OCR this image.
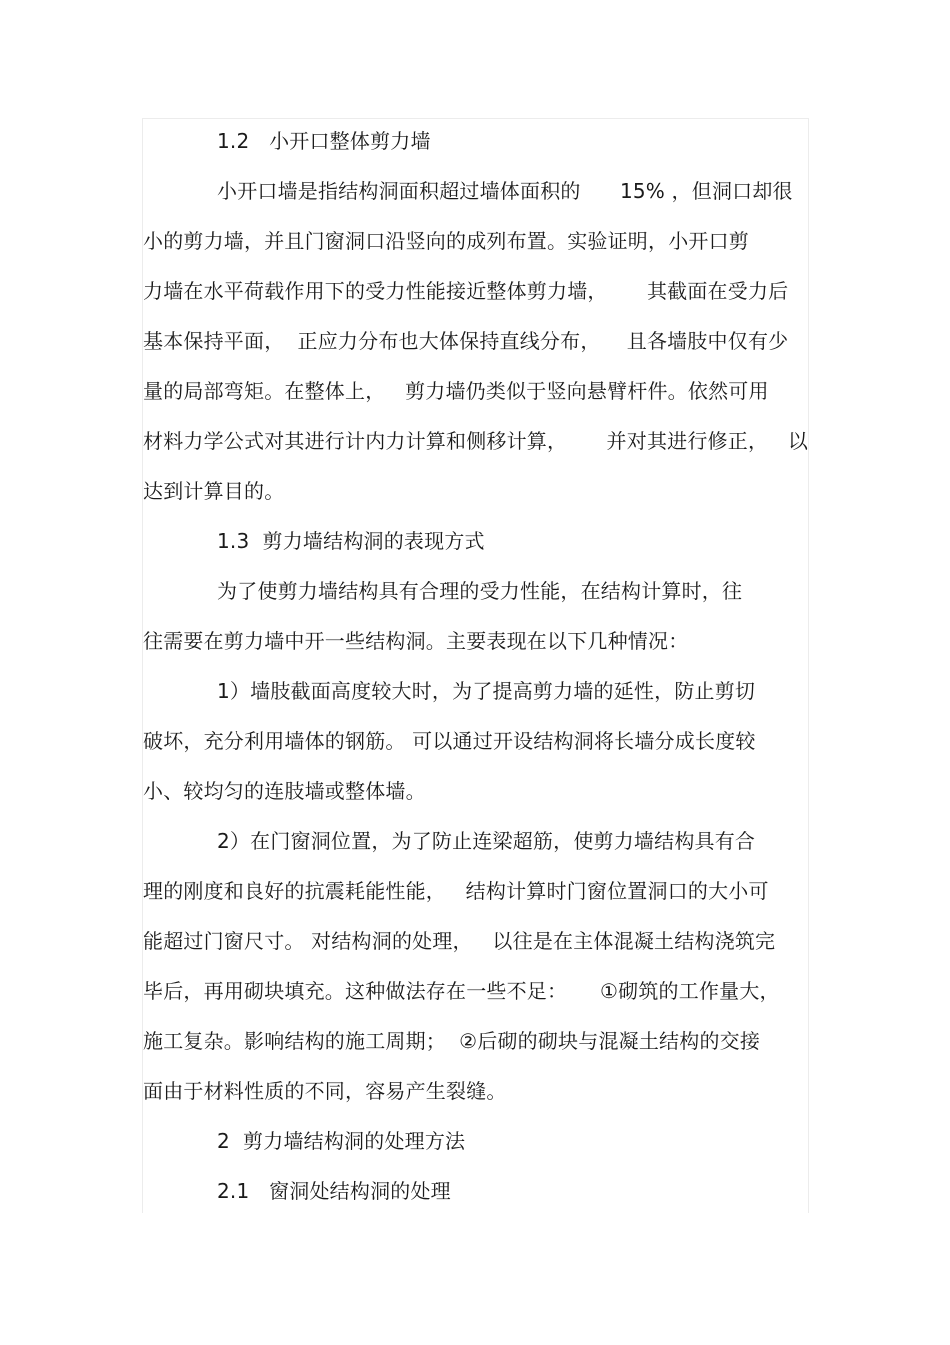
1.2   小开口整体剪力墙
小开口墙是指结构洞面积超过墙体面积的      15% ，但洞口却很
小的剪力墙，并且门窗洞口沿竖向的成列布置。实验证明，小开口剪
力墙在水平荷载作用下的受力性能接近整体剪力墙，      其截面在受力后
基本保持平面，  正应力分布也大体保持直线分布，    且各墙肢中仅有少
量的局部弯矩。在整体上，   剪力墙仍类似于竖向悬臂杆件。依然可用
材料力学公式对其进行计内力计算和侧移计算，      并对其进行修正，   以
达到计算目的。
1.3  剪力墙结构洞的表现方式
为了使剪力墙结构具有合理的受力性能，在结构计算时，往
往需要在剪力墙中开一些结构洞。主要表现在以下几种情况：
1）墙肢截面高度较大时，为了提高剪力墙的延性，防止剪切
破坏，充分利用墙体的钢筋。 可以通过开设结构洞将长墙分成长度较
小、较均匀的连肢墙或整体墙。
2）在门窗洞位置，为了防止连梁超筋，使剪力墙结构具有合
理的刚度和良好的抗震耗能性能，   结构计算时门窗位置洞口的大小可
能超过门窗尺寸。 对结构洞的处理，   以往是在主体混凝土结构浇筑完
毕后，再用砌块填充。这种做法存在一些不足：     ①砌筑的工作量大，
施工复杂。影响结构的施工周期；  ②后砌的砌块与混凝土结构的交接
面由于材料性质的不同，容易产生裂缝。
2  剪力墙结构洞的处理方法
2.1   窗洞处结构洞的处理
